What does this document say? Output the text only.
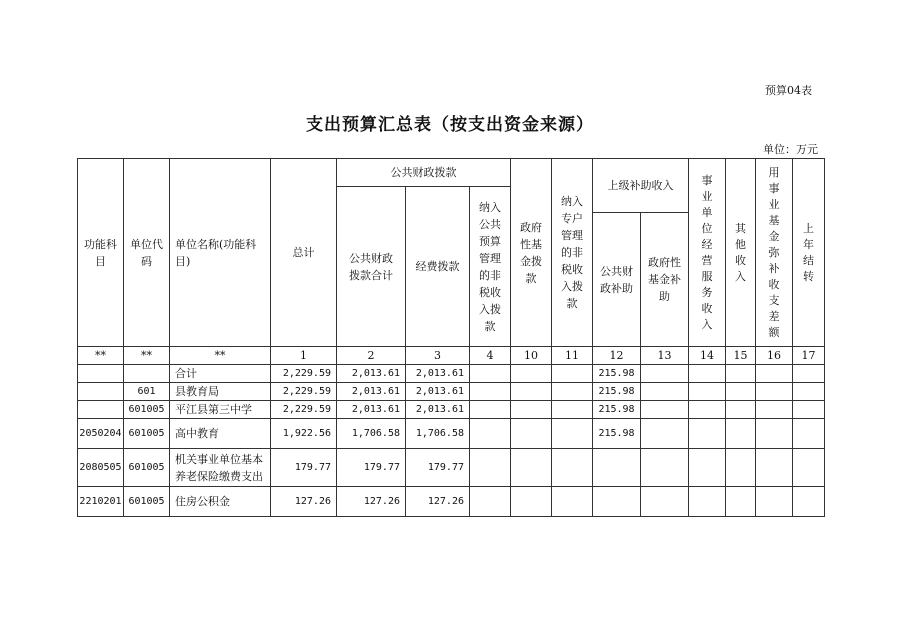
预算04表
支出预算汇总表（按支出资金来源）
单位：万元
功能科目	单位代码	单位名称(功能科目)	总计	公共财政拨款			政府性基金拨款	纳入专户管理的非税收入拨款	上级补助收入		事业单位经营服务收入	其他收入	用事业基金弥补收支差额	上年结转
				公共财政拨款合计	经费拨款	纳入公共预算管理的非税收入拨款								
									公共财政补助	政府性基金补助				
**	**	**	1	2	3	4	10	11	12	13	14	15	16	17
		合计	2,229.59	2,013.61	2,013.61				215.98					
	601	县教育局	2,229.59	2,013.61	2,013.61				215.98					
	601005	平江县第三中学	2,229.59	2,013.61	2,013.61				215.98					
2050204	601005	高中教育	1,922.56	1,706.58	1,706.58				215.98					
2080505	601005	机关事业单位基本养老保险缴费支出	179.77	179.77	179.77									
2210201	601005	住房公积金	127.26	127.26	127.26									
